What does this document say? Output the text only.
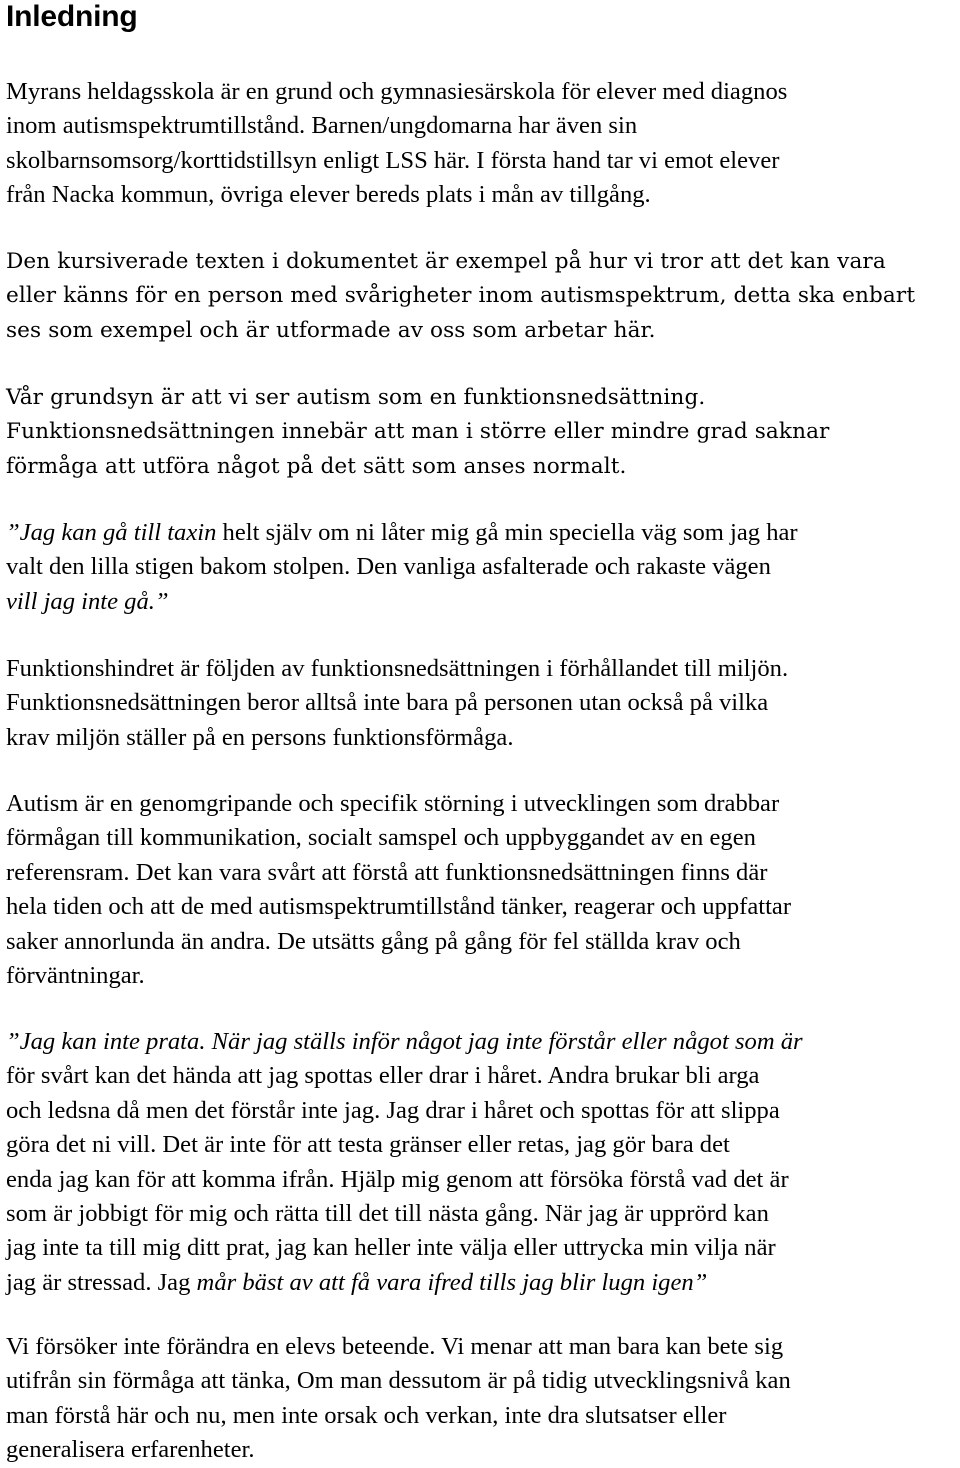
Inledning

Myrans heldagsskola är en grund och gymnasiesärskola för elever med diagnos
inom autismspektrumtillstånd. Barnen/ungdomarna har även sin
skolbarnsomsorg/korttidstillsyn enligt LSS här. I första hand tar vi emot elever
från Nacka kommun, övriga elever bereds plats i mån av tillgång.

Den kursiverade texten i dokumentet är exempel på hur vi tror att det kan vara
eller känns för en person med svårigheter inom autismspektrum, detta ska enbart
ses som exempel och är utformade av oss som arbetar här.

Vår grundsyn är att vi ser autism som en funktionsnedsättning.
Funktionsnedsättningen innebär att man i större eller mindre grad saknar
förmåga att utföra något på det sätt som anses normalt.

”Jag kan gå till taxin helt själv om ni låter mig gå min speciella väg som jag har
valt den lilla stigen bakom stolpen. Den vanliga asfalterade och rakaste vägen
vill jag inte gå.”

Funktionshindret är följden av funktionsnedsättningen i förhållandet till miljön.
Funktionsnedsättningen beror alltså inte bara på personen utan också på vilka
krav miljön ställer på en persons funktionsförmåga.

Autism är en genomgripande och specifik störning i utvecklingen som drabbar
förmågan till kommunikation, socialt samspel och uppbyggandet av en egen
referensram. Det kan vara svårt att förstå att funktionsnedsättningen finns där
hela tiden och att de med autismspektrumtillstånd tänker, reagerar och uppfattar
saker annorlunda än andra. De utsätts gång på gång för fel ställda krav och
förväntningar.

”Jag kan inte prata. När jag ställs inför något jag inte förstår eller något som är
för svårt kan det hända att jag spottas eller drar i håret. Andra brukar bli arga
och ledsna då men det förstår inte jag. Jag drar i håret och spottas för att slippa
göra det ni vill. Det är inte för att testa gränser eller retas, jag gör bara det
enda jag kan för att komma ifrån. Hjälp mig genom att försöka förstå vad det är
som är jobbigt för mig och rätta till det till nästa gång. När jag är upprörd kan
jag inte ta till mig ditt prat, jag kan heller inte välja eller uttrycka min vilja när
jag är stressad. Jag mår bäst av att få vara ifred tills jag blir lugn igen”

Vi försöker inte förändra en elevs beteende. Vi menar att man bara kan bete sig
utifrån sin förmåga att tänka, Om man dessutom är på tidig utvecklingsnivå kan
man förstå här och nu, men inte orsak och verkan, inte dra slutsatser eller
generalisera erfarenheter.
